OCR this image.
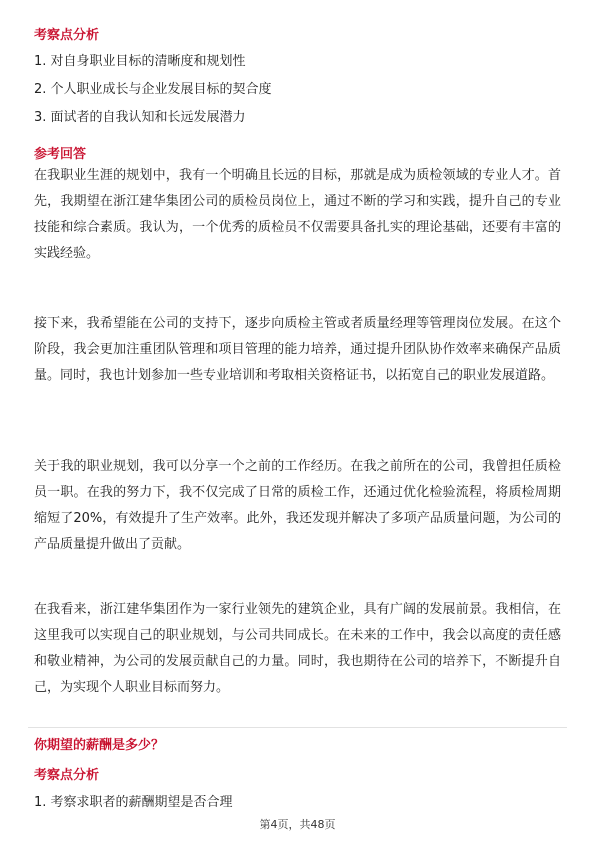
考察点分析
1. 对自身职业目标的清晰度和规划性
2. 个人职业成长与企业发展目标的契合度
3. 面试者的自我认知和长远发展潜力
参考回答
在我职业生涯的规划中，我有一个明确且长远的目标，那就是成为质检领域的专业人才。首先，我期望在浙江建华集团公司的质检员岗位上，通过不断的学习和实践，提升自己的专业技能和综合素质。我认为，一个优秀的质检员不仅需要具备扎实的理论基础，还要有丰富的实践经验。
接下来，我希望能在公司的支持下，逐步向质检主管或者质量经理等管理岗位发展。在这个阶段，我会更加注重团队管理和项目管理的能力培养，通过提升团队协作效率来确保产品质量。同时，我也计划参加一些专业培训和考取相关资格证书，以拓宽自己的职业发展道路。
关于我的职业规划，我可以分享一个之前的工作经历。在我之前所在的公司，我曾担任质检员一职。在我的努力下，我不仅完成了日常的质检工作，还通过优化检验流程，将质检周期缩短了20%，有效提升了生产效率。此外，我还发现并解决了多项产品质量问题，为公司的产品质量提升做出了贡献。
在我看来，浙江建华集团作为一家行业领先的建筑企业，具有广阔的发展前景。我相信，在这里我可以实现自己的职业规划，与公司共同成长。在未来的工作中，我会以高度的责任感和敬业精神，为公司的发展贡献自己的力量。同时，我也期待在公司的培养下，不断提升自己，为实现个人职业目标而努力。
你期望的薪酬是多少？
考察点分析
1. 考察求职者的薪酬期望是否合理
第4页，共48页
